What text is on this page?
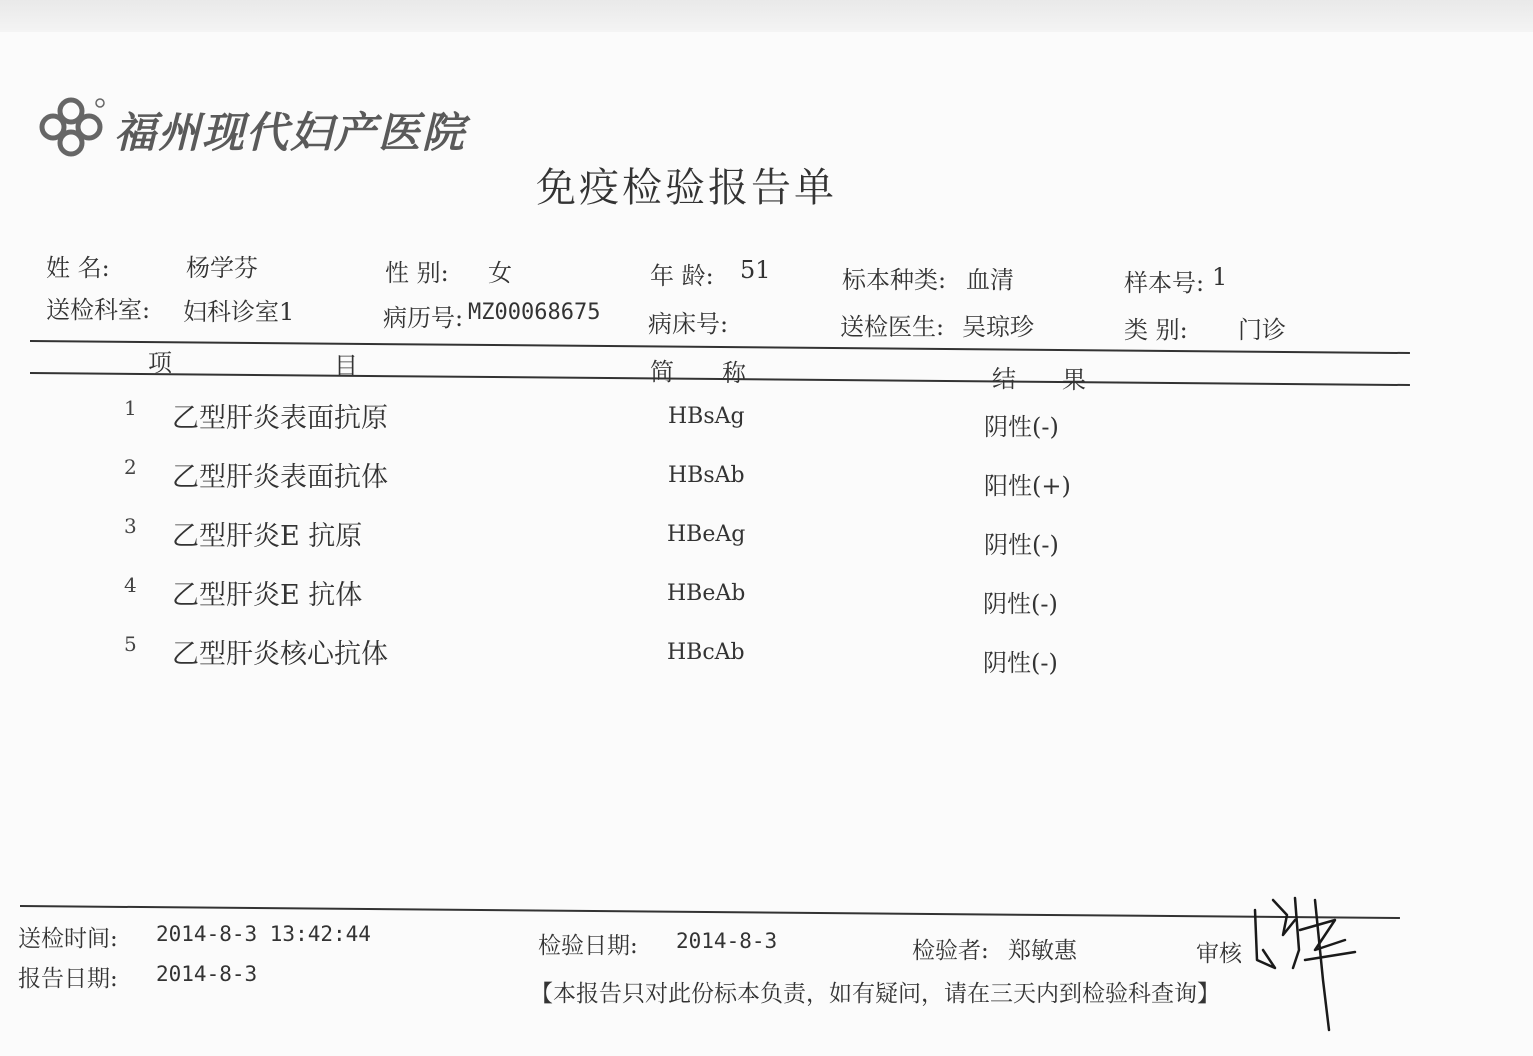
福州现代妇产医院
免疫检验报告单
姓 名:	杨学芬	性 别: 女	年 龄: 51	标本种类: 血清	样本号: 1
送检科室: 妇科诊室1	病历号: MZ00068675 病床号:	送检医生: 吴琼珍	类 别: 门诊
项	目	简 称	结 果
1 乙型肝炎表面抗原	HBsAg	阴性(-)
2 乙型肝炎表面抗体	HBsAb	阳性(+)
3 乙型肝炎E 抗原	HBeAg	阴性(-)
4 乙型肝炎E 抗体	HBeAb	阴性(-)
5 乙型肝炎核心抗体	HBcAb	阴性(-)
送检时间: 2014-8-3 13:42:44	检验日期: 2014-8-3	检验者: 郑敏惠	审核
报告日期: 2014-8-3
【本报告只对此份标本负责，如有疑问，请在三天内到检验科查询】
